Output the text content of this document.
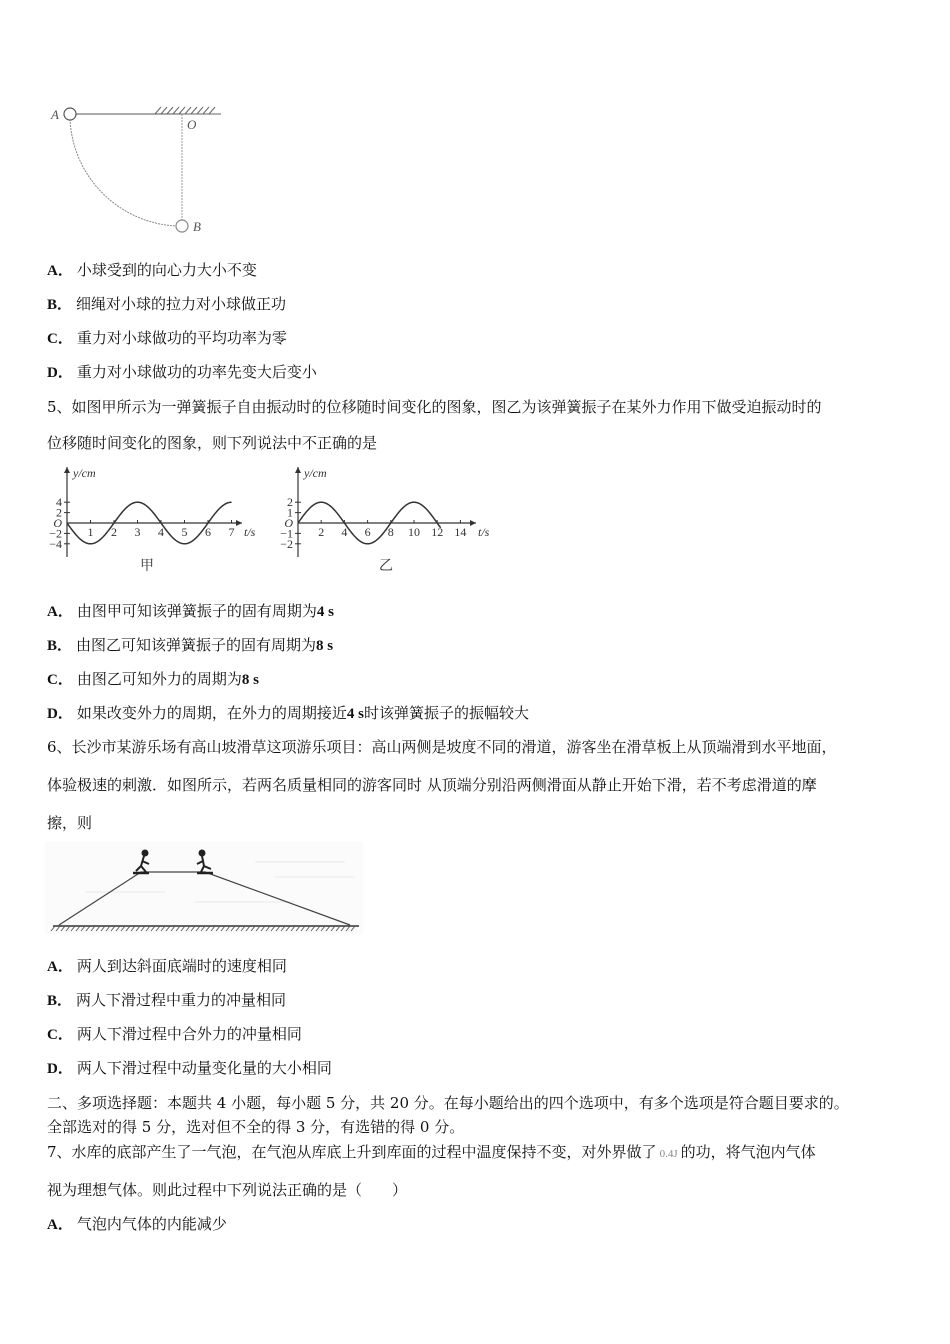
A
O
B
A． 小球受到的向心力大小不变
B． 细绳对小球的拉力对小球做正功
C． 重力对小球做功的平均功率为零
D． 重力对小球做功的功率先变大后变小
5、如图甲所示为一弹簧振子自由振动时的位移随时间变化的图象，图乙为该弹簧振子在某外力作用下做受迫振动时的
位移随时间变化的图象，则下列说法中不正确的是
y/cm
t/s
4
2
O
−2
−4
1 2 3 4 5 6 7
甲
y/cm
t/s
2
1
O
−1
−2
2 4 6 8 10 12 14
乙
A． 由图甲可知该弹簧振子的固有周期为4 s
B． 由图乙可知该弹簧振子的固有周期为8 s
C． 由图乙可知外力的周期为8 s
D． 如果改变外力的周期，在外力的周期接近4 s时该弹簧振子的振幅较大
6、长沙市某游乐场有高山坡滑草这项游乐项目：高山两侧是坡度不同的滑道，游客坐在滑草板上从顶端滑到水平地面，
体验极速的刺激．如图所示，若两名质量相同的游客同时 从顶端分别沿两侧滑面从静止开始下滑，若不考虑滑道的摩
擦，则
A． 两人到达斜面底端时的速度相同
B． 两人下滑过程中重力的冲量相同
C． 两人下滑过程中合外力的冲量相同
D． 两人下滑过程中动量变化量的大小相同
二、多项选择题：本题共 4 小题，每小题 5 分，共 20 分。在每小题给出的四个选项中，有多个选项是符合题目要求的。
全部选对的得 5 分，选对但不全的得 3 分，有选错的得 0 分。
7、水库的底部产生了一气泡，在气泡从库底上升到库面的过程中温度保持不变，对外界做了 0.4J 的功，将气泡内气体
视为理想气体。则此过程中下列说法正确的是（　　）
A． 气泡内气体的内能减少
